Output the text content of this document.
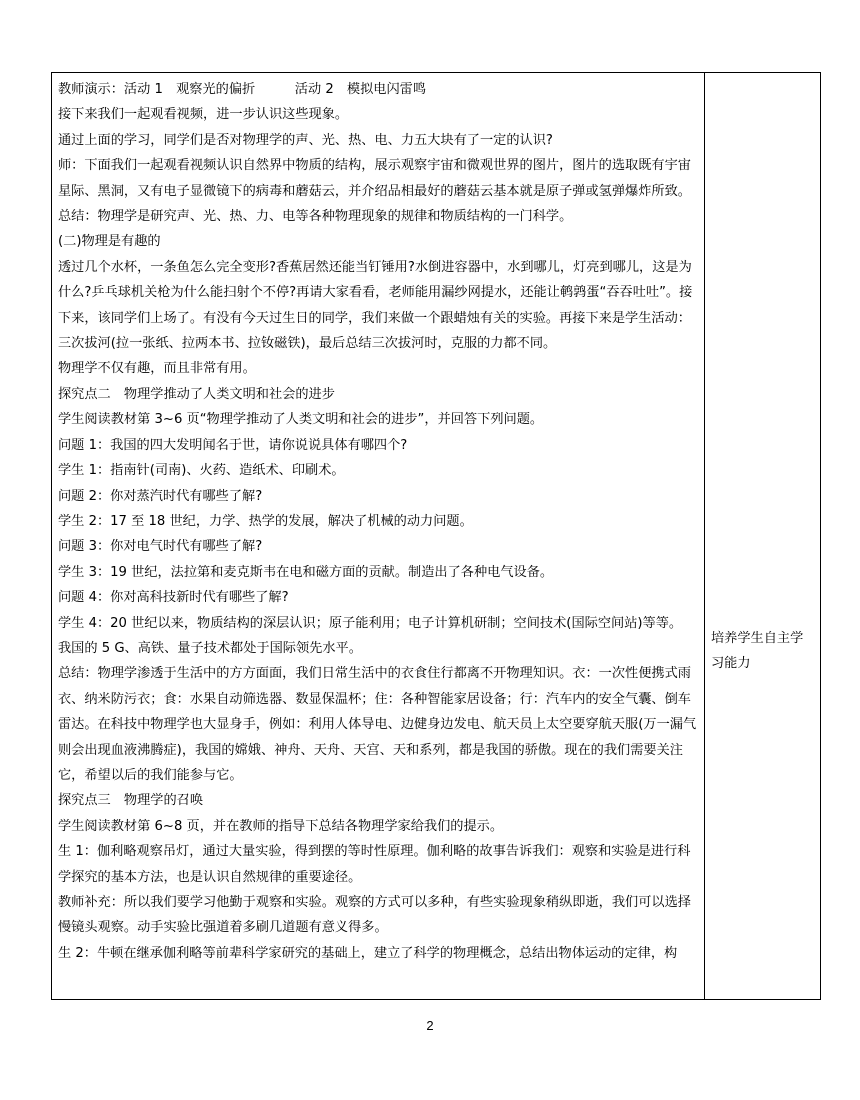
教师演示：活动 1　观察光的偏折　　　活动 2　模拟电闪雷鸣

接下来我们一起观看视频，进一步认识这些现象。

通过上面的学习，同学们是否对物理学的声、光、热、电、力五大块有了一定的认识?

师：下面我们一起观看视频认识自然界中物质的结构，展示观察宇宙和微观世界的图片，图片的选取既有宇宙星际、黑洞，又有电子显微镜下的病毒和蘑菇云，并介绍品相最好的蘑菇云基本就是原子弹或氢弹爆炸所致。

总结：物理学是研究声、光、热、力、电等各种物理现象的规律和物质结构的一门科学。

(二)物理是有趣的

透过几个水杯，一条鱼怎么完全变形?香蕉居然还能当钉锤用?水倒进容器中，水到哪儿，灯亮到哪儿，这是为什么?乒乓球机关枪为什么能扫射个不停?再请大家看看，老师能用漏纱网提水，还能让鹌鹑蛋“吞吞吐吐”。接下来，该同学们上场了。有没有今天过生日的同学，我们来做一个跟蜡烛有关的实验。再接下来是学生活动：三次拔河(拉一张纸、拉两本书、拉钕磁铁)，最后总结三次拔河时，克服的力都不同。

物理学不仅有趣，而且非常有用。

探究点二　物理学推动了人类文明和社会的进步

学生阅读教材第 3~6 页“物理学推动了人类文明和社会的进步”，并回答下列问题。

问题 1：我国的四大发明闻名于世，请你说说具体有哪四个?

学生 1：指南针(司南)、火药、造纸术、印刷术。

问题 2：你对蒸汽时代有哪些了解?

学生 2：17 至 18 世纪，力学、热学的发展，解决了机械的动力问题。

问题 3：你对电气时代有哪些了解?

学生 3：19 世纪，法拉第和麦克斯韦在电和磁方面的贡献。制造出了各种电气设备。

问题 4：你对高科技新时代有哪些了解?

学生 4：20 世纪以来，物质结构的深层认识；原子能利用；电子计算机研制；空间技术(国际空间站)等等。

我国的 5 G、高铁、量子技术都处于国际领先水平。

总结：物理学渗透于生活中的方方面面，我们日常生活中的衣食住行都离不开物理知识。衣：一次性便携式雨衣、纳米防污衣；食：水果自动筛选器、数显保温杯；住：各种智能家居设备；行：汽车内的安全气囊、倒车雷达。在科技中物理学也大显身手，例如：利用人体导电、边健身边发电、航天员上太空要穿航天服(万一漏气则会出现血液沸腾症)，我国的嫦娥、神舟、天舟、天宫、天和系列，都是我国的骄傲。现在的我们需要关注它，希望以后的我们能参与它。

探究点三　物理学的召唤

学生阅读教材第 6~8 页，并在教师的指导下总结各物理学家给我们的提示。

生 1：伽利略观察吊灯，通过大量实验，得到摆的等时性原理。伽利略的故事告诉我们：观察和实验是进行科学探究的基本方法，也是认识自然规律的重要途径。

教师补充：所以我们要学习他勤于观察和实验。观察的方式可以多种，有些实验现象稍纵即逝，我们可以选择慢镜头观察。动手实验比强道着多刷几道题有意义得多。

生 2：牛顿在继承伽利略等前辈科学家研究的基础上，建立了科学的物理概念，总结出物体运动的定律，构

培养学生自主学习能力
2
